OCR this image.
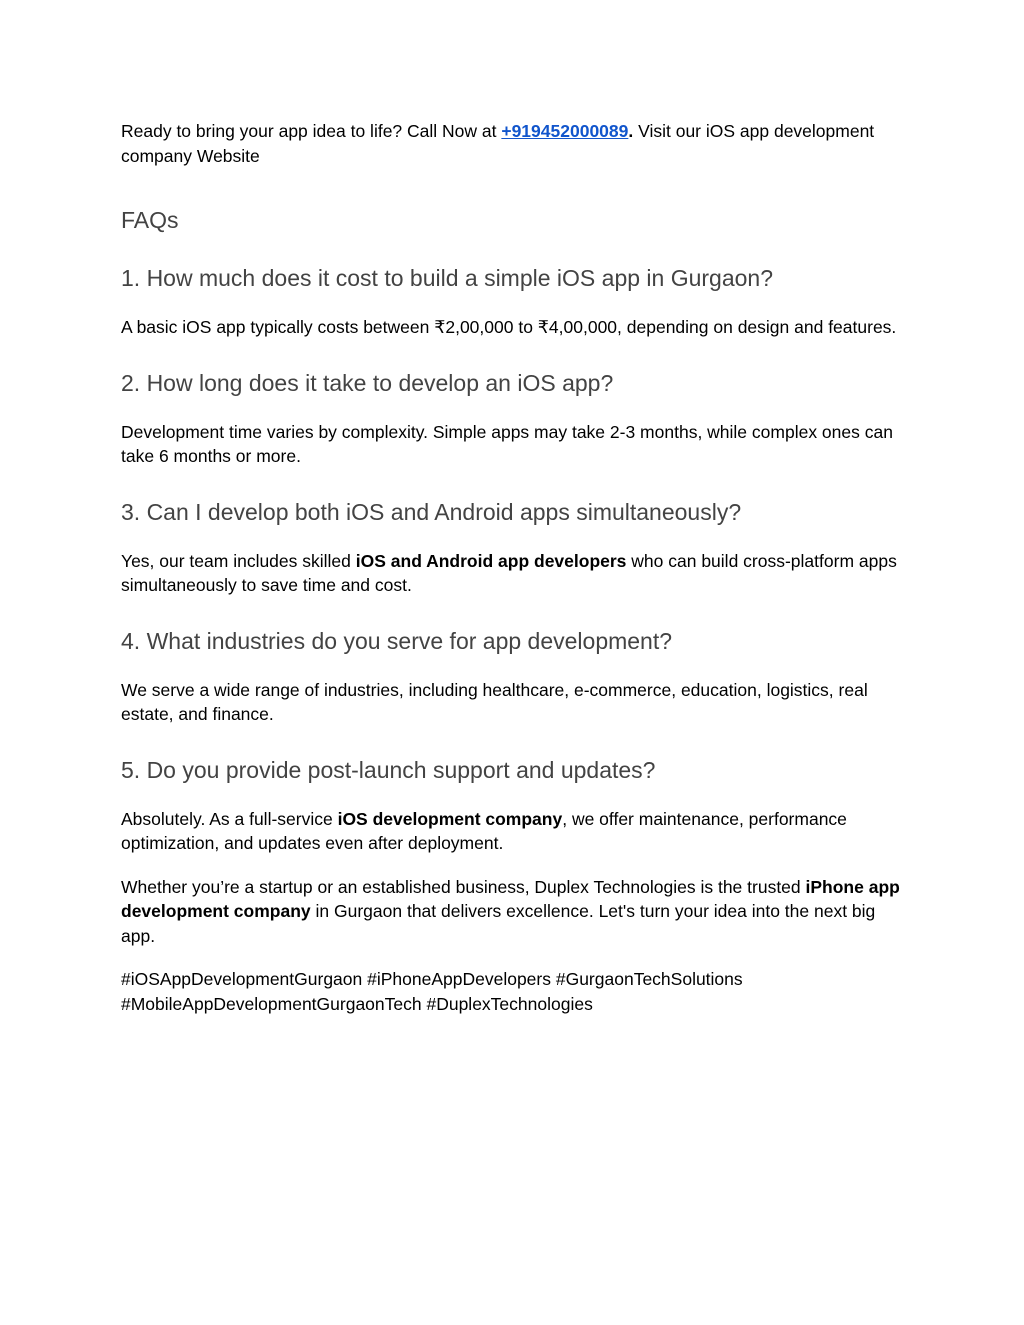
Ready to bring your app idea to life? Call Now at +919452000089. Visit our iOS app development company Website

FAQs
1. How much does it cost to build a simple iOS app in Gurgaon?

A basic iOS app typically costs between ₹2,00,000 to ₹4,00,000, depending on design and features.

2. How long does it take to develop an iOS app?

Development time varies by complexity. Simple apps may take 2-3 months, while complex ones can take 6 months or more.

3. Can I develop both iOS and Android apps simultaneously?

Yes, our team includes skilled iOS and Android app developers who can build cross-platform apps simultaneously to save time and cost.

4. What industries do you serve for app development?

We serve a wide range of industries, including healthcare, e-commerce, education, logistics, real estate, and finance.

5. Do you provide post-launch support and updates?

Absolutely. As a full-service iOS development company, we offer maintenance, performance optimization, and updates even after deployment.

Whether you’re a startup or an established business, Duplex Technologies is the trusted iPhone app development company in Gurgaon that delivers excellence. Let's turn your idea into the next big app.

#iOSAppDevelopmentGurgaon #iPhoneAppDevelopers #GurgaonTechSolutions
#MobileAppDevelopmentGurgaonTech #DuplexTechnologies
